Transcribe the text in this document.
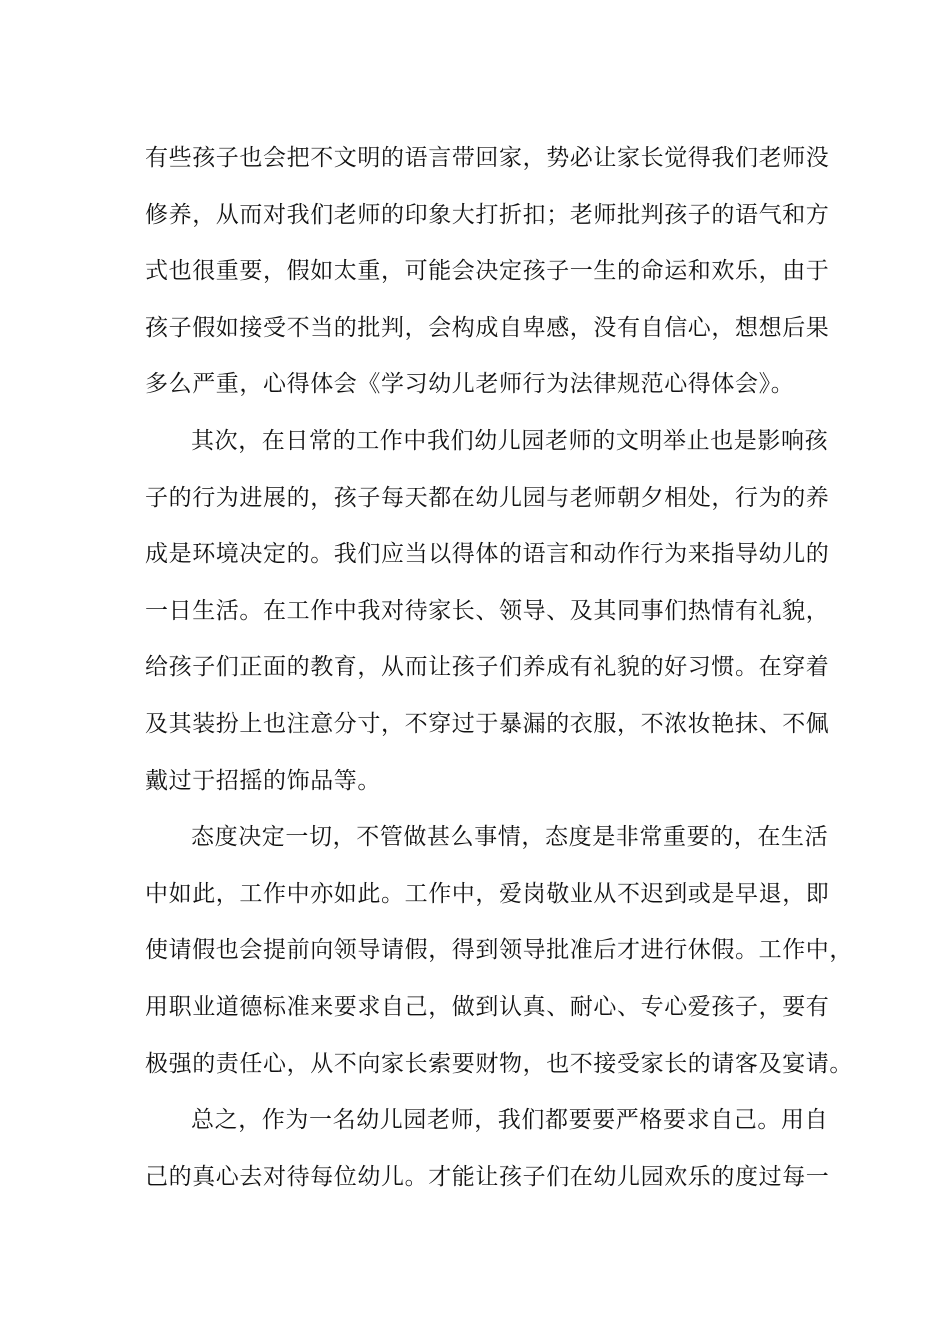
有些孩子也会把不文明的语言带回家，势必让家长觉得我们老师没
修养，从而对我们老师的印象大打折扣；老师批判孩子的语气和方
式也很重要，假如太重，可能会决定孩子一生的命运和欢乐，由于
孩子假如接受不当的批判，会构成自卑感，没有自信心，想想后果
多么严重，心得体会《学习幼儿老师行为法律规范心得体会》。
其次，在日常的工作中我们幼儿园老师的文明举止也是影响孩
子的行为进展的，孩子每天都在幼儿园与老师朝夕相处，行为的养
成是环境决定的。我们应当以得体的语言和动作行为来指导幼儿的
一日生活。在工作中我对待家长、领导、及其同事们热情有礼貌，
给孩子们正面的教育，从而让孩子们养成有礼貌的好习惯。在穿着
及其装扮上也注意分寸，不穿过于暴漏的衣服，不浓妆艳抹、不佩
戴过于招摇的饰品等。
态度决定一切，不管做甚么事情，态度是非常重要的，在生活
中如此，工作中亦如此。工作中，爱岗敬业从不迟到或是早退，即
使请假也会提前向领导请假，得到领导批准后才进行休假。工作中，
用职业道德标准来要求自己，做到认真、耐心、专心爱孩子，要有
极强的责任心，从不向家长索要财物，也不接受家长的请客及宴请。
总之，作为一名幼儿园老师，我们都要要严格要求自己。用自
己的真心去对待每位幼儿。才能让孩子们在幼儿园欢乐的度过每一
